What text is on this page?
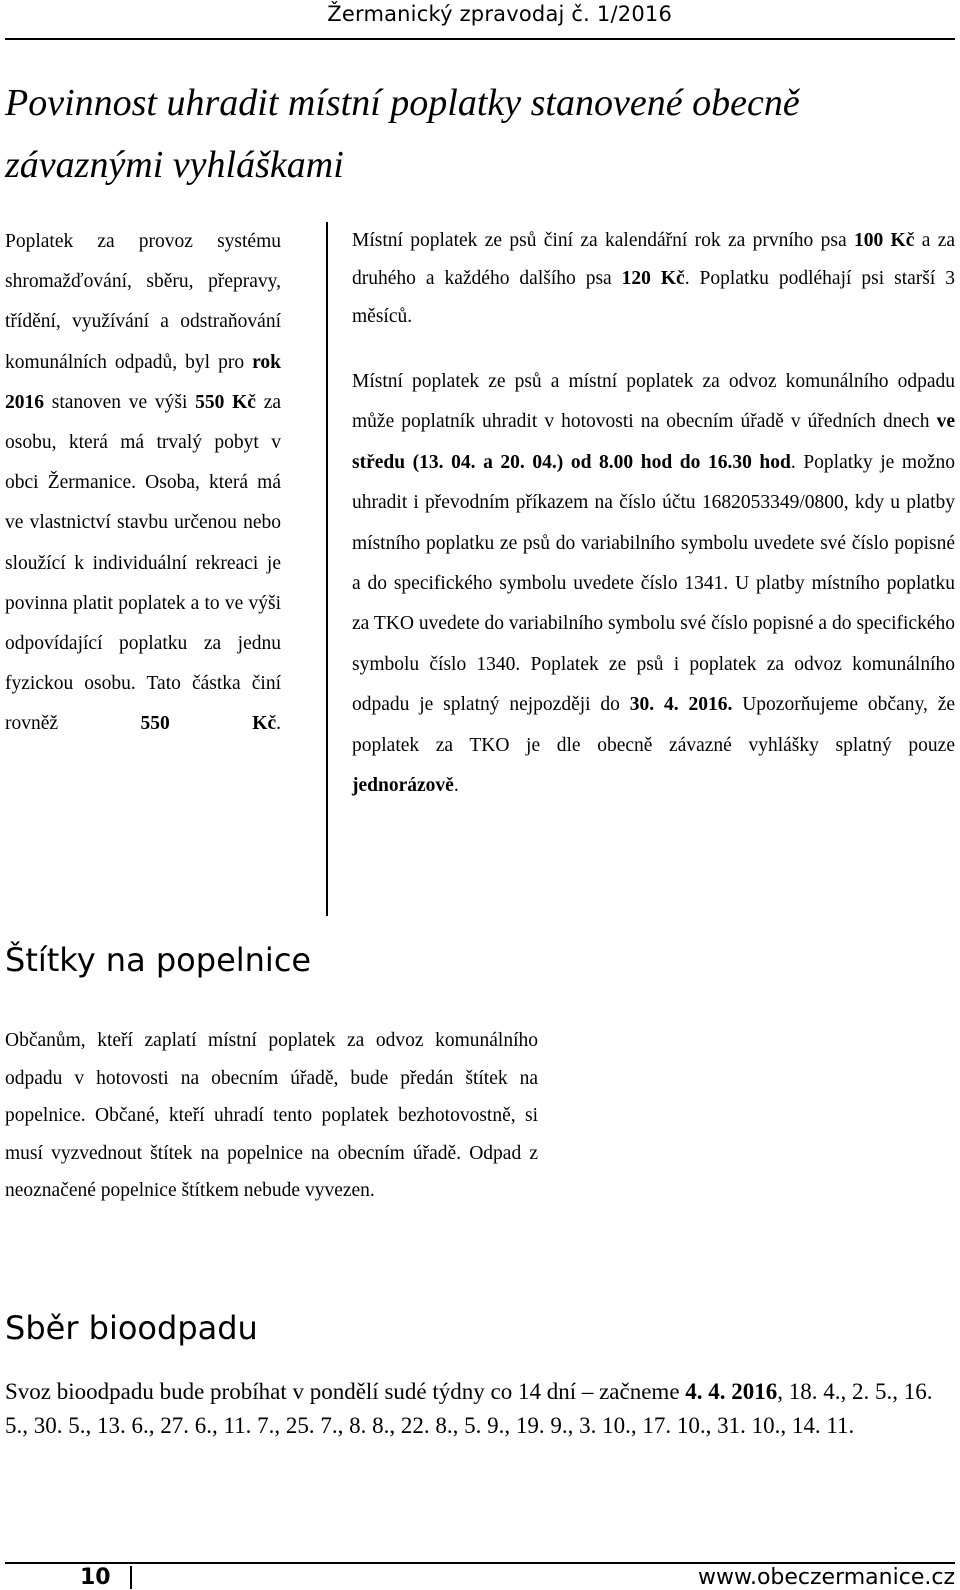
Žermanický zpravodaj č. 1/2016
Povinnost uhradit místní poplatky stanovené obecně závaznými vyhláškami
Poplatek za provoz systému shromažďování, sběru, přepravy, třídění, využívání a odstraňování komunálních odpadů, byl pro rok 2016 stanoven ve výši 550 Kč za osobu, která má trvalý pobyt v obci Žermanice. Osoba, která má ve vlastnictví stavbu určenou nebo sloužící k individuální rekreaci je povinna platit poplatek a to ve výši odpovídající poplatku za jednu fyzickou osobu. Tato částka činí rovněž 550 Kč.

Místní poplatek ze psů činí za kalendářní rok za prvního psa 100 Kč a za druhého a každého dalšího psa 120 Kč. Poplatku podléhají psi starší 3 měsíců.

Místní poplatek ze psů a místní poplatek za odvoz komunálního odpadu může poplatník uhradit v hotovosti na obecním úřadě v úředních dnech ve středu (13. 04. a 20. 04.) od 8.00 hod do 16.30 hod. Poplatky je možno uhradit i převodním příkazem na číslo účtu 1682053349/0800, kdy u platby místního poplatku ze psů do variabilního symbolu uvedete své číslo popisné a do specifického symbolu uvedete číslo 1341. U platby místního poplatku za TKO uvedete do variabilního symbolu své číslo popisné a do specifického symbolu číslo 1340. Poplatek ze psů i poplatek za odvoz komunálního odpadu je splatný nejpozději do 30. 4. 2016. Upozorňujeme občany, že poplatek za TKO je dle obecně závazné vyhlášky splatný pouze jednorázově.

Štítky na popelnice

Občanům, kteří zaplatí místní poplatek za odvoz komunálního odpadu v hotovosti na obecním úřadě, bude předán štítek na popelnice. Občané, kteří uhradí tento poplatek bezhotovostně, si musí vyzvednout štítek na popelnice na obecním úřadě. Odpad z neoznačené popelnice štítkem nebude vyvezen.

Sběr bioodpadu

Svoz bioodpadu bude probíhat v pondělí sudé týdny co 14 dní – začneme 4. 4. 2016, 18. 4., 2. 5., 16. 5., 30. 5., 13. 6., 27. 6., 11. 7., 25. 7., 8. 8., 22. 8., 5. 9., 19. 9., 3. 10., 17. 10., 31. 10., 14. 11.

10	www.obeczermanice.cz
